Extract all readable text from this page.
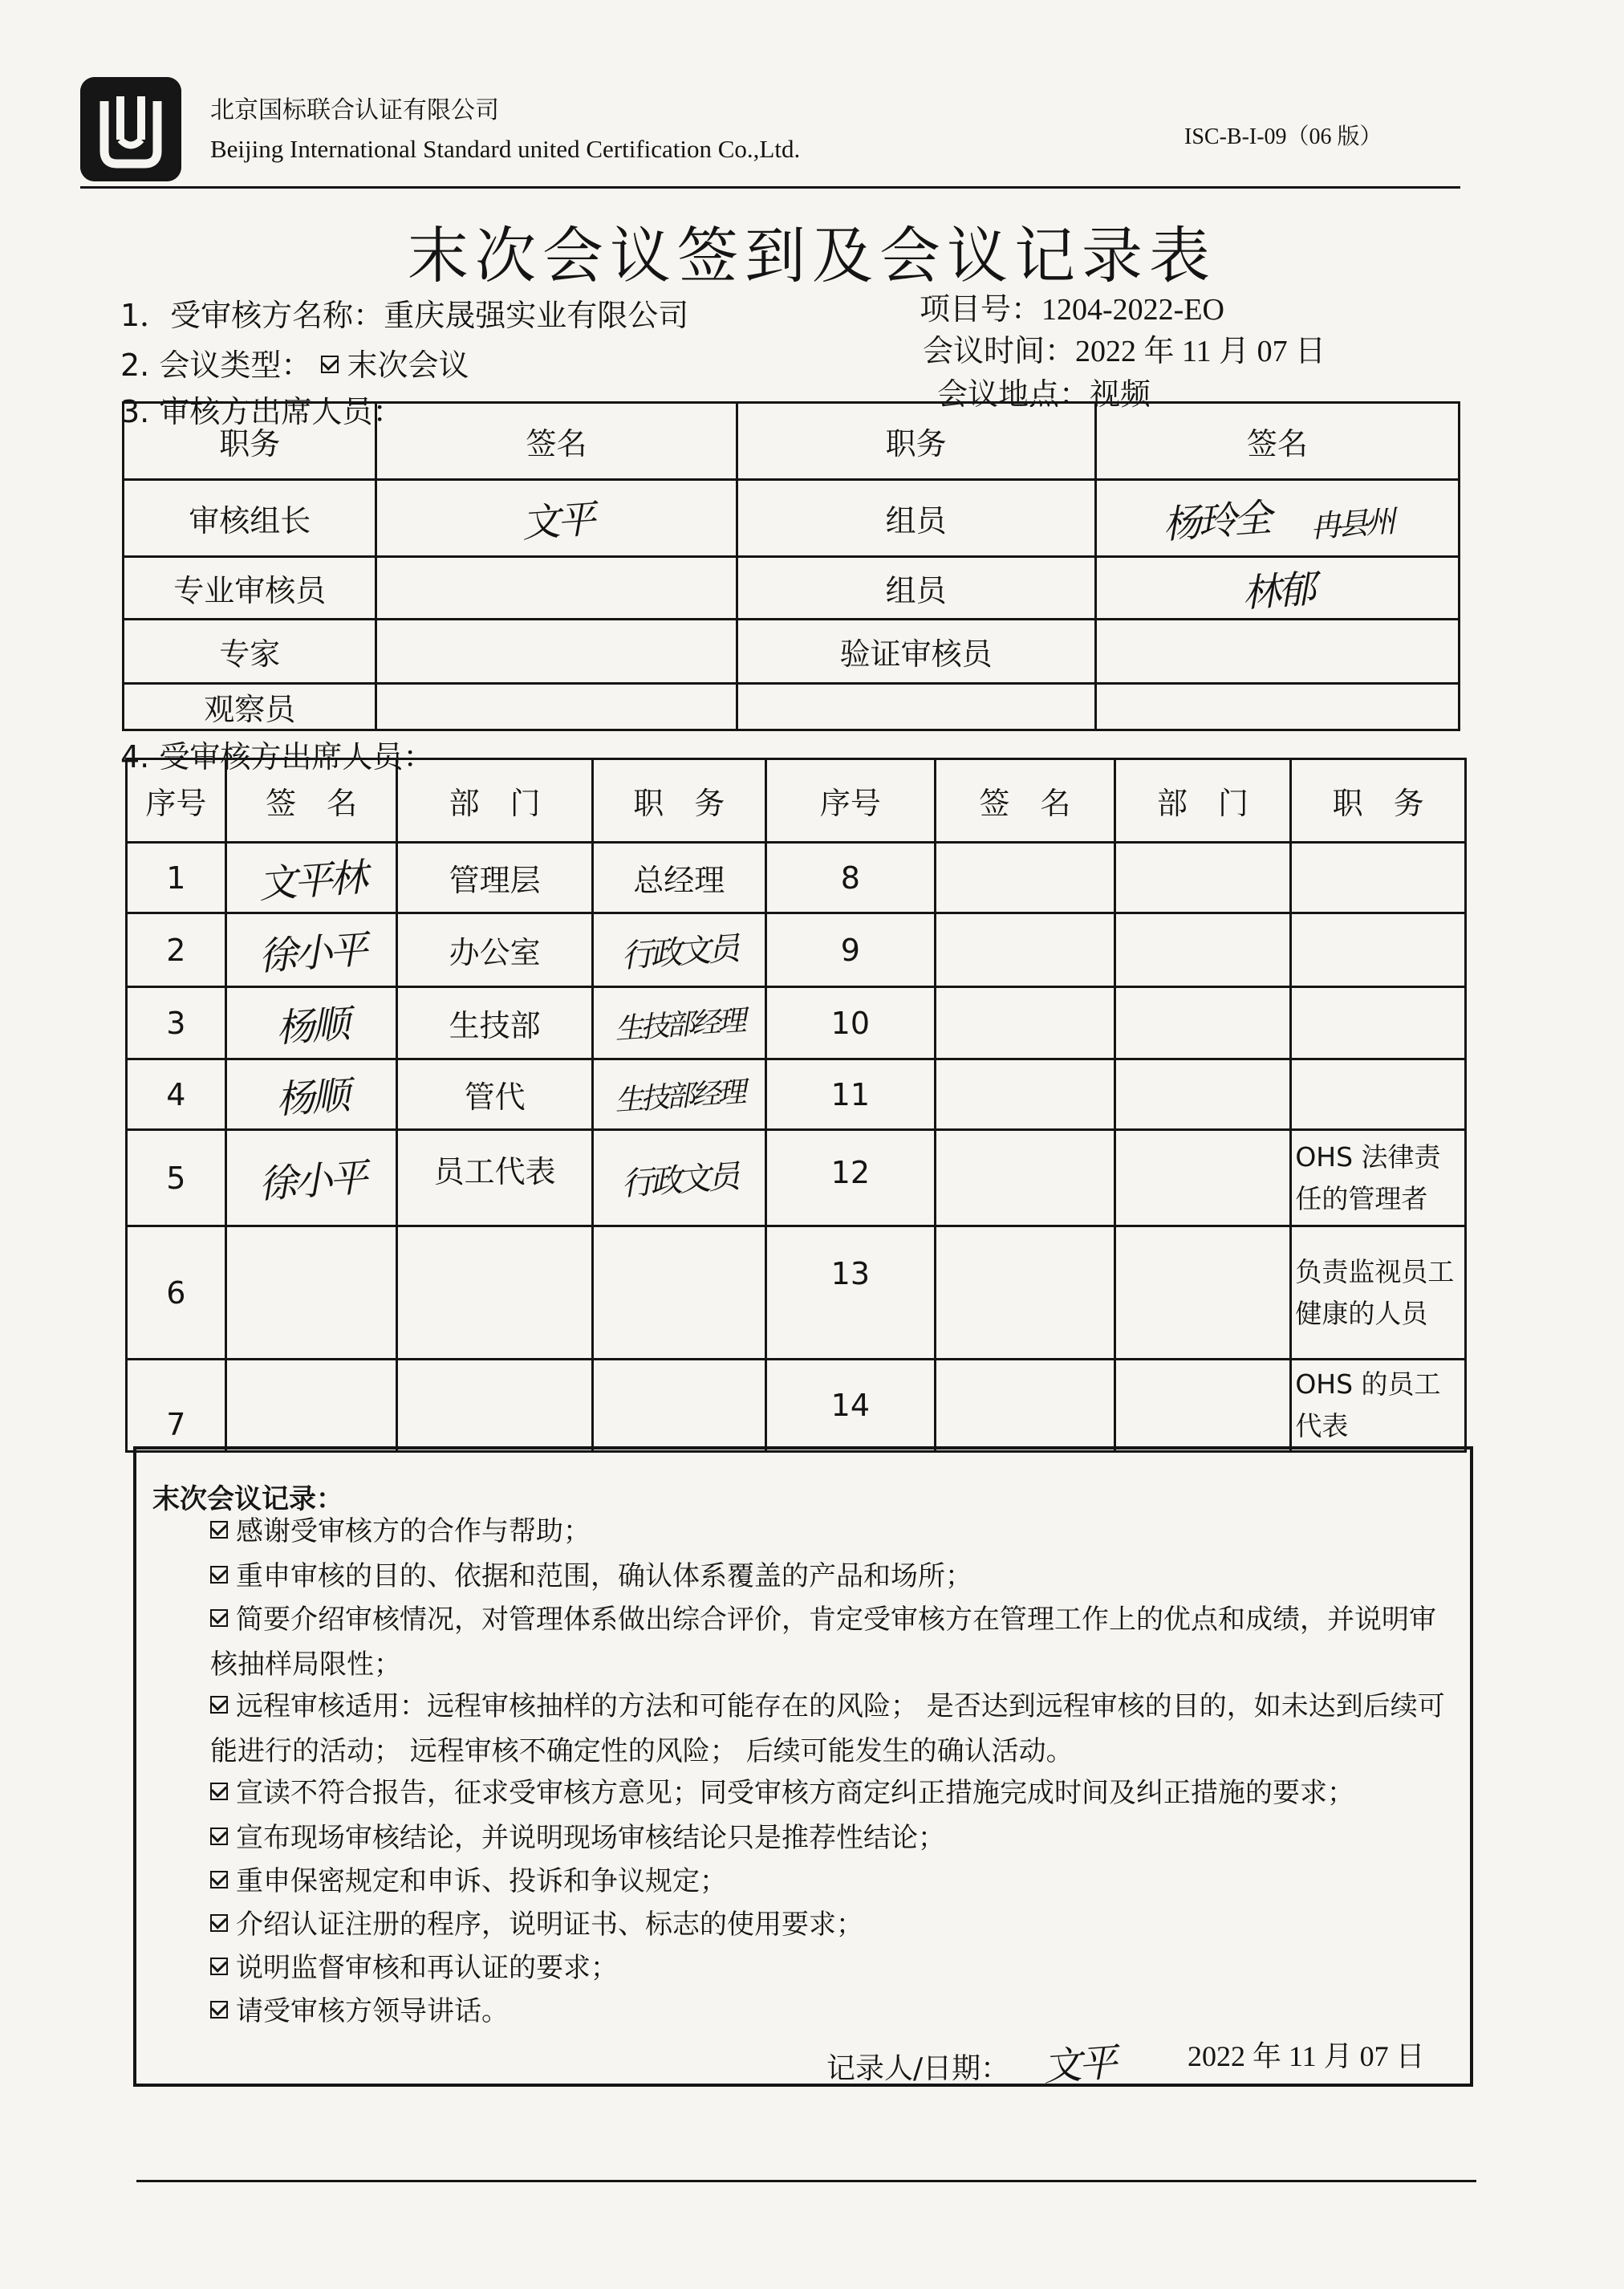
北京国标联合认证有限公司
Beijing International Standard united Certification Co.,Ltd.	ISC-B-I-09（06 版）
末次会议签到及会议记录表
1．受审核方名称：重庆晟强实业有限公司	项目号：1204-2022-EO
2. 会议类型： 末次会议	会议时间：2022 年 11 月 07 日
会议地点：视频
3. 审核方出席人员：
职务	签名	职务	签名
审核组长	文平	组员	杨玲全 冉县州
专业审核员		组员	林郁
专家		验证审核员	
观察员			
4. 受审核方出席人员：
序号	签　名	部　门	职　务	序号	签　名	部　门	职　务
1	文平林	管理层	总经理	8			
2	徐小平	办公室	行政文员	9			
3	杨顺	生技部	生技部经理	10			
4	杨顺	管代	生技部经理	11			
5	徐小平	员工代表	行政文员	12			OHS 法律责任的管理者
6				13			负责监视员工健康的人员
7				14			OHS 的员工代表
末次会议记录：
感谢受审核方的合作与帮助；
重申审核的目的、依据和范围，确认体系覆盖的产品和场所；
简要介绍审核情况，对管理体系做出综合评价，肯定受审核方在管理工作上的优点和成绩，并说明审核抽样局限性；
远程审核适用：远程审核抽样的方法和可能存在的风险； 是否达到远程审核的目的，如未达到后续可能进行的活动； 远程审核不确定性的风险； 后续可能发生的确认活动。
宣读不符合报告，征求受审核方意见；同受审核方商定纠正措施完成时间及纠正措施的要求；
宣布现场审核结论，并说明现场审核结论只是推荐性结论；
重申保密规定和申诉、投诉和争议规定；
介绍认证注册的程序，说明证书、标志的使用要求；
说明监督审核和再认证的要求；
请受审核方领导讲话。
记录人/日期： 文平	2022 年 11 月 07 日
